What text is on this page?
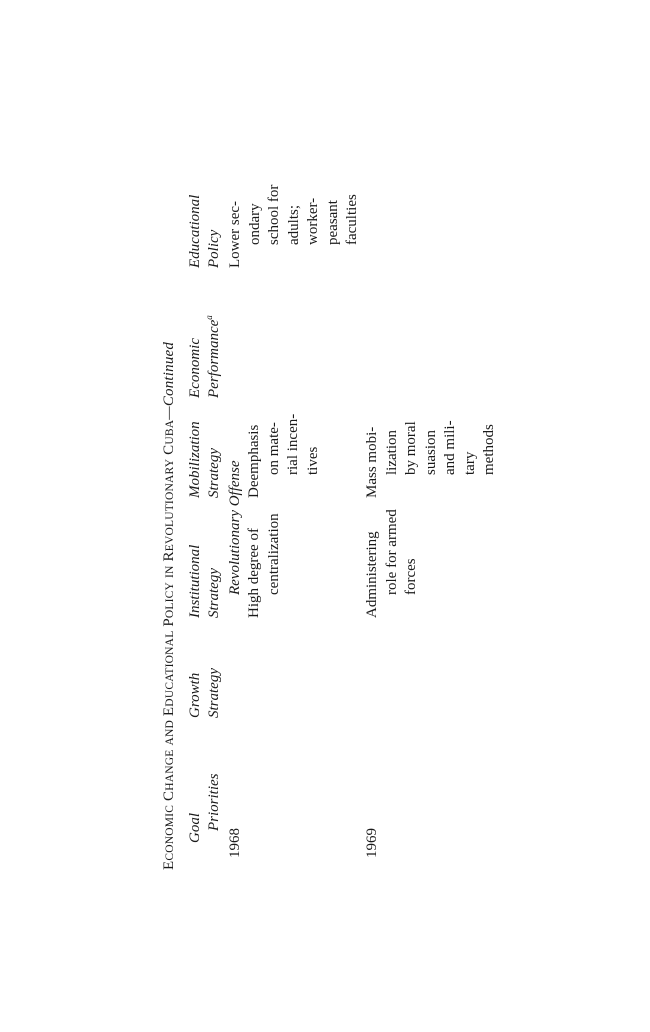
ECONOMIC CHANGE AND EDUCATIONAL POLICY IN REVOLUTIONARY CUBA—Continued
Goal Priorities
Growth Strategy
Institutional Strategy
Mobilization Strategy
Economic Performance$^a$
Educational Policy
1968
Revolutionary Offense High degree of centralization
Deemphasis on mate- rial incen- tives
Lower sec- ondary school for adults; worker- peasant faculties
1969
Administering role for armed forces
Mass mobi- lization by moral suasion and mili- tary methods
